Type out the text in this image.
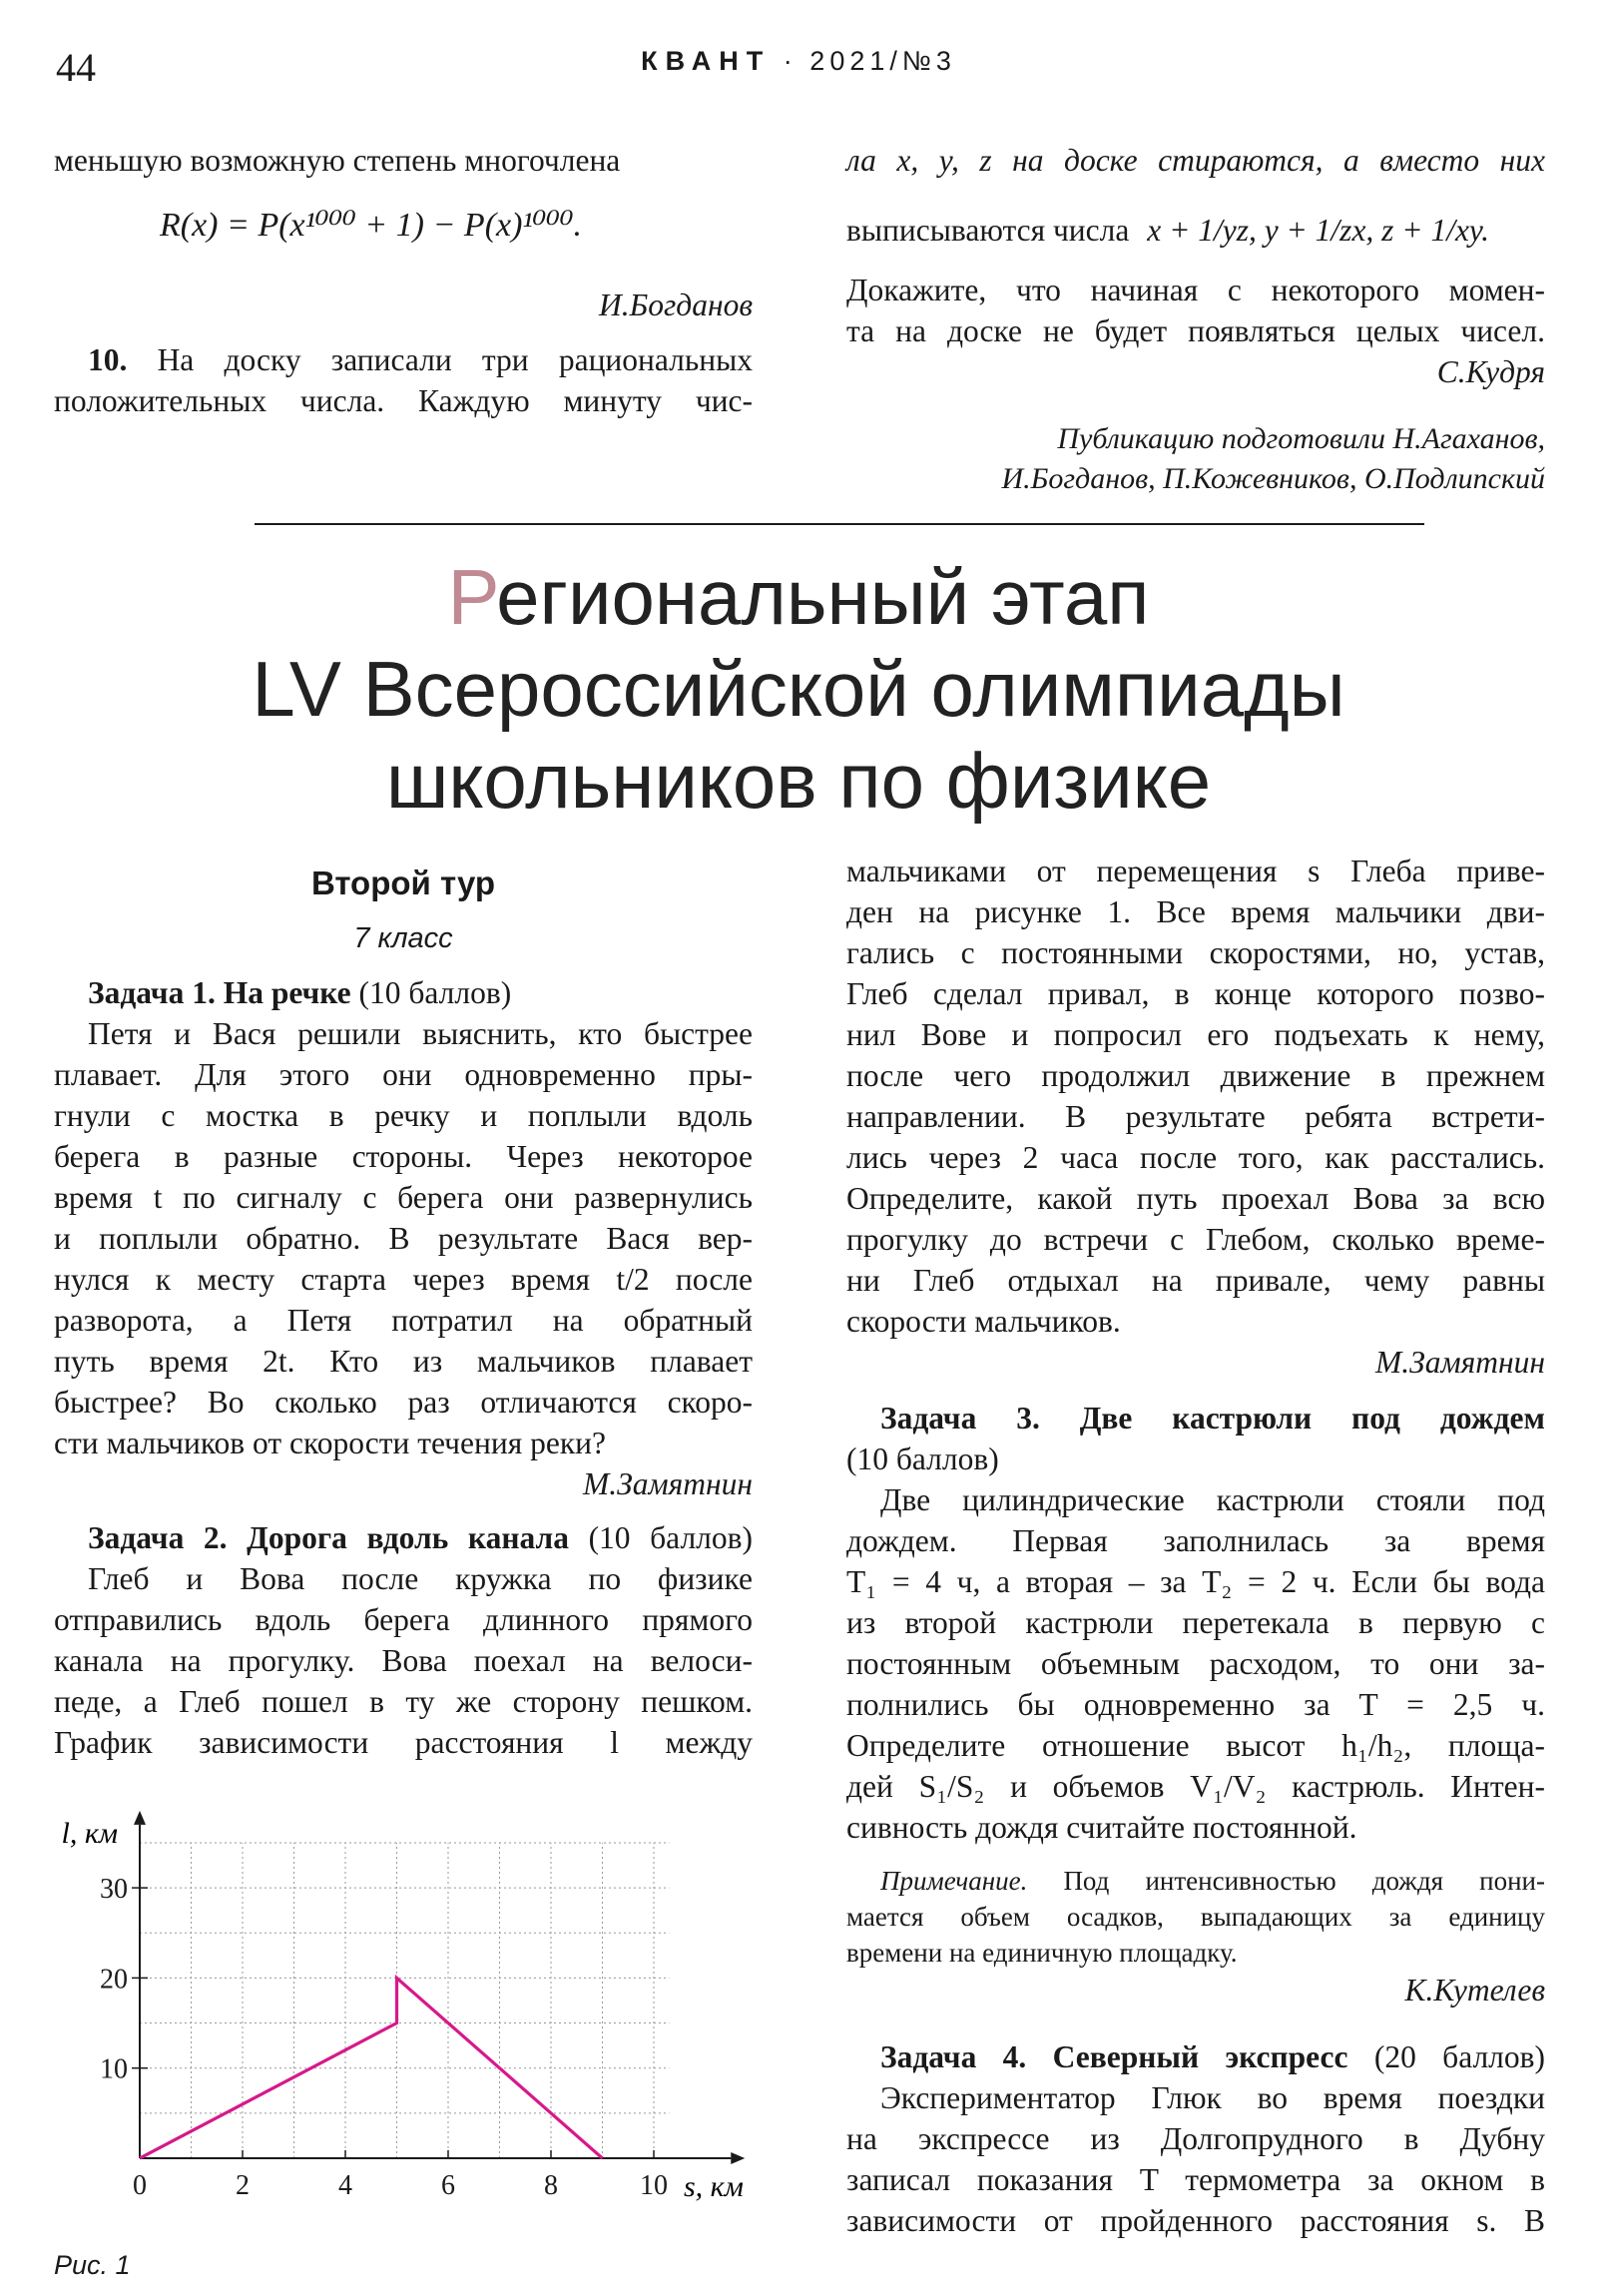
44	КВАНТ · 2021/№3
меньшую возможную степень многочлена
R(x) = P(x¹⁰⁰⁰ + 1) − P(x)¹⁰⁰⁰.
И.Богданов
10. На доску записали три рациональных
положительных числа. Каждую минуту чис-
ла x, y, z на доске стираются, а вместо них
выписываются числа x + 1/yz, y + 1/zx, z + 1/xy.
Докажите, что начиная с некоторого момен-
та на доске не будет появляться целых чисел.
С.Кудря
Публикацию подготовили Н.Агаханов,
И.Богданов, П.Кожевников, О.Подлипский
Региональный этап
LV Всероссийской олимпиады
школьников по физике
Второй тур
7 класс
Задача 1. На речке (10 баллов)
Петя и Вася решили выяснить, кто быстрее
плавает. Для этого они одновременно пры-
гнули с мостка в речку и поплыли вдоль
берега в разные стороны. Через некоторое
время t по сигналу с берега они развернулись
и поплыли обратно. В результате Вася вер-
нулся к месту старта через время t/2 после
разворота, а Петя потратил на обратный
путь время 2t. Кто из мальчиков плавает
быстрее? Во сколько раз отличаются скоро-
сти мальчиков от скорости течения реки?
М.Замятнин
Задача 2. Дорога вдоль канала (10 баллов)
Глеб и Вова после кружка по физике
отправились вдоль берега длинного прямого
канала на прогулку. Вова поехал на велоси-
педе, а Глеб пошел в ту же сторону пешком.
График зависимости расстояния l между
0	2	4	6	8	10
10
20
30
l, км
s, км
Рис. 1
мальчиками от перемещения s Глеба приве-
ден на рисунке 1. Все время мальчики дви-
гались с постоянными скоростями, но, устав,
Глеб сделал привал, в конце которого позво-
нил Вове и попросил его подъехать к нему,
после чего продолжил движение в прежнем
направлении. В результате ребята встрети-
лись через 2 часа после того, как расстались.
Определите, какой путь проехал Вова за всю
прогулку до встречи с Глебом, сколько време-
ни Глеб отдыхал на привале, чему равны
скорости мальчиков.
М.Замятнин
Задача 3. Две кастрюли под дождем
(10 баллов)
Две цилиндрические кастрюли стояли под
дождем. Первая заполнилась за время
T₁ = 4 ч, а вторая – за T₂ = 2 ч. Если бы вода
из второй кастрюли перетекала в первую с
постоянным объемным расходом, то они за-
полнились бы одновременно за T = 2,5 ч.
Определите отношение высот h₁/h₂, площа-
дей S₁/S₂ и объемов V₁/V₂ кастрюль. Интен-
сивность дождя считайте постоянной.
Примечание. Под интенсивностью дождя пони-
мается объем осадков, выпадающих за единицу
времени на единичную площадку.
К.Кутелев
Задача 4. Северный экспресс (20 баллов)
Экспериментатор Глюк во время поездки
на экспрессе из Долгопрудного в Дубну
записал показания T термометра за окном в
зависимости от пройденного расстояния s. В
